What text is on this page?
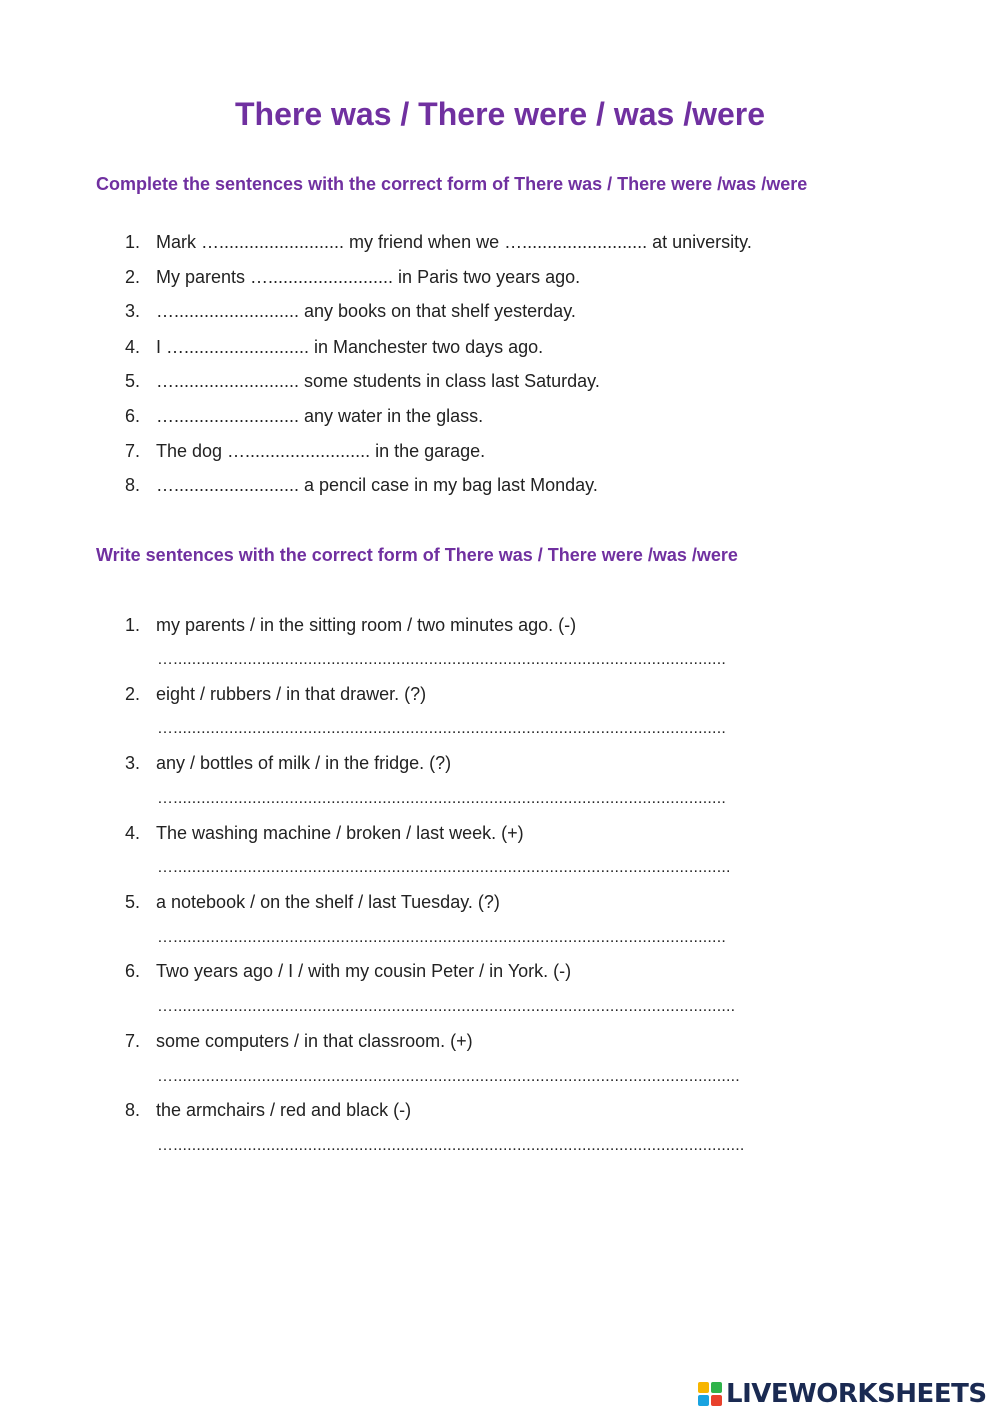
There was / There were / was /were
Complete the sentences with the correct form of There was / There were /was /were
1. Mark …......................... my friend when we …......................... at university.
2. My parents …......................... in Paris two years ago.
3. …......................... any books on that shelf yesterday.
4. I …......................... in Manchester two days ago.
5. …......................... some students in class last Saturday.
6. …......................... any water in the glass.
7. The dog …......................... in the garage.
8. …......................... a pencil case in my bag last Monday.
Write sentences with the correct form of There was / There were /was /were
1. my parents / in the sitting room / two minutes ago. (-)
2. eight / rubbers / in that drawer. (?)
3. any / bottles of milk / in the fridge. (?)
4. The washing machine / broken / last week. (+)
5. a notebook / on the shelf / last Tuesday. (?)
6. Two years ago / I / with my cousin Peter / in York. (-)
7. some computers / in that classroom. (+)
8. the armchairs / red and black (-)
….......................................................................................................................
….......................................................................................................................
….......................................................................................................................
…........................................................................................................................
….......................................................................................................................
….........................................................................................................................
…..........................................................................................................................
…...........................................................................................................................
LIVEWORKSHEETS
